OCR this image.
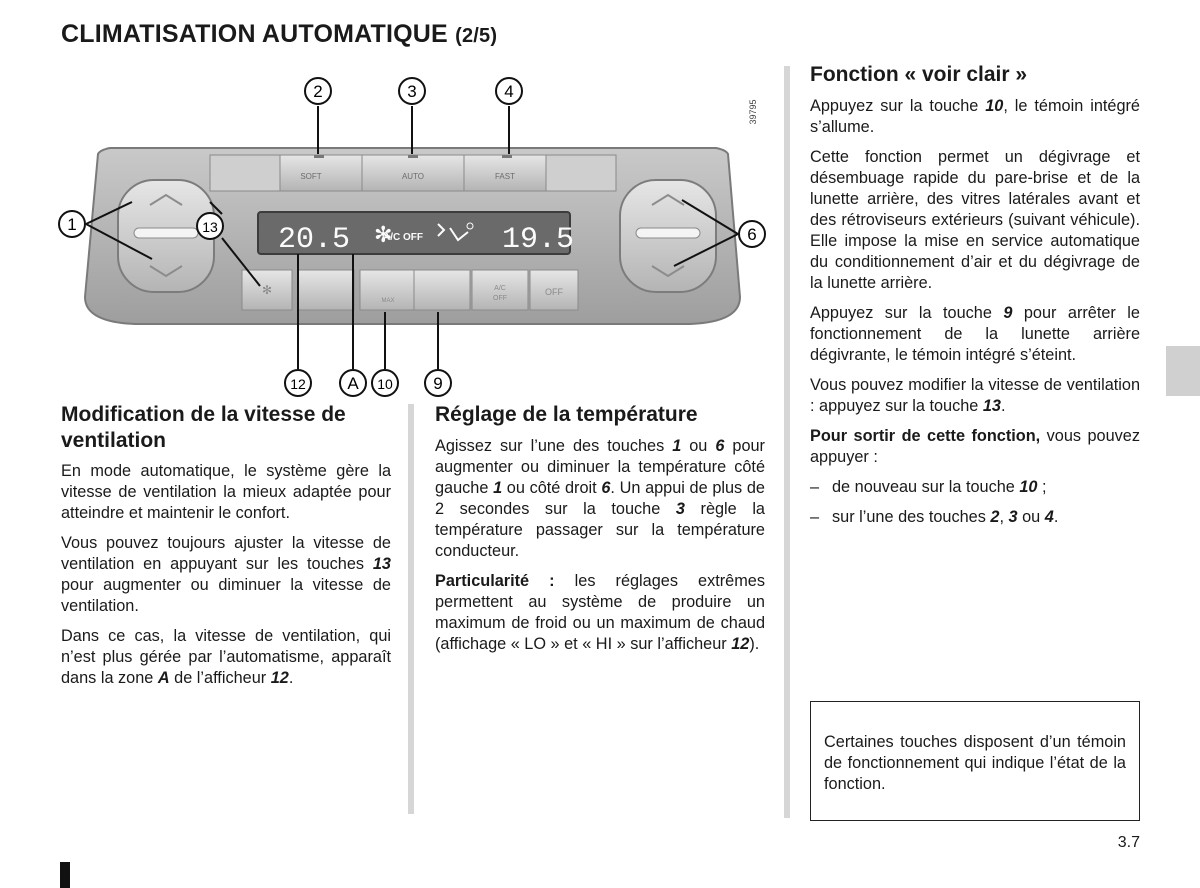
CLIMATISATION AUTOMATIQUE (2/5)
SOFT	AUTO	FAST
20.5 ✻
A/C OFF	19.5
✻
MAX
A/C
OFF
OFF
39795
2	3	4
1
6
13
12 A 10 9
Modification de la vitesse de ventilation

En mode automatique, le système gère la vitesse de ventilation la mieux adaptée pour atteindre et maintenir le confort.

Vous pouvez toujours ajuster la vitesse de ventilation en appuyant sur les touches 13 pour augmenter ou diminuer la vitesse de ventilation.

Dans ce cas, la vitesse de ventilation, qui n’est plus gérée par l’automatisme, apparaît dans la zone A de l’afficheur 12.

Réglage de la température

Agissez sur l’une des touches 1 ou 6 pour augmenter ou diminuer la température côté gauche 1 ou côté droit 6. Un appui de plus de 2 secondes sur la touche 3 règle la température passager sur la température conducteur.

Particularité : les réglages extrêmes permettent au système de produire un maximum de froid ou un maximum de chaud (affichage « LO » et « HI » sur l’afficheur 12).

Fonction « voir clair »

Appuyez sur la touche 10, le témoin intégré s’allume.

Cette fonction permet un dégivrage et désembuage rapide du pare-brise et de la lunette arrière, des vitres latérales avant et des rétroviseurs extérieurs (suivant véhicule). Elle impose la mise en service automatique du conditionnement d’air et du dégivrage de la lunette arrière.

Appuyez sur la touche 9 pour arrêter le fonctionnement de la lunette arrière dégivrante, le témoin intégré s’éteint.

Vous pouvez modifier la vitesse de ventilation : appuyez sur la touche 13.

Pour sortir de cette fonction, vous pouvez appuyer :

– de nouveau sur la touche 10 ;
– sur l’une des touches 2, 3 ou 4.
Certaines touches disposent d’un témoin de fonctionnement qui indique l’état de la fonction.
3.7
